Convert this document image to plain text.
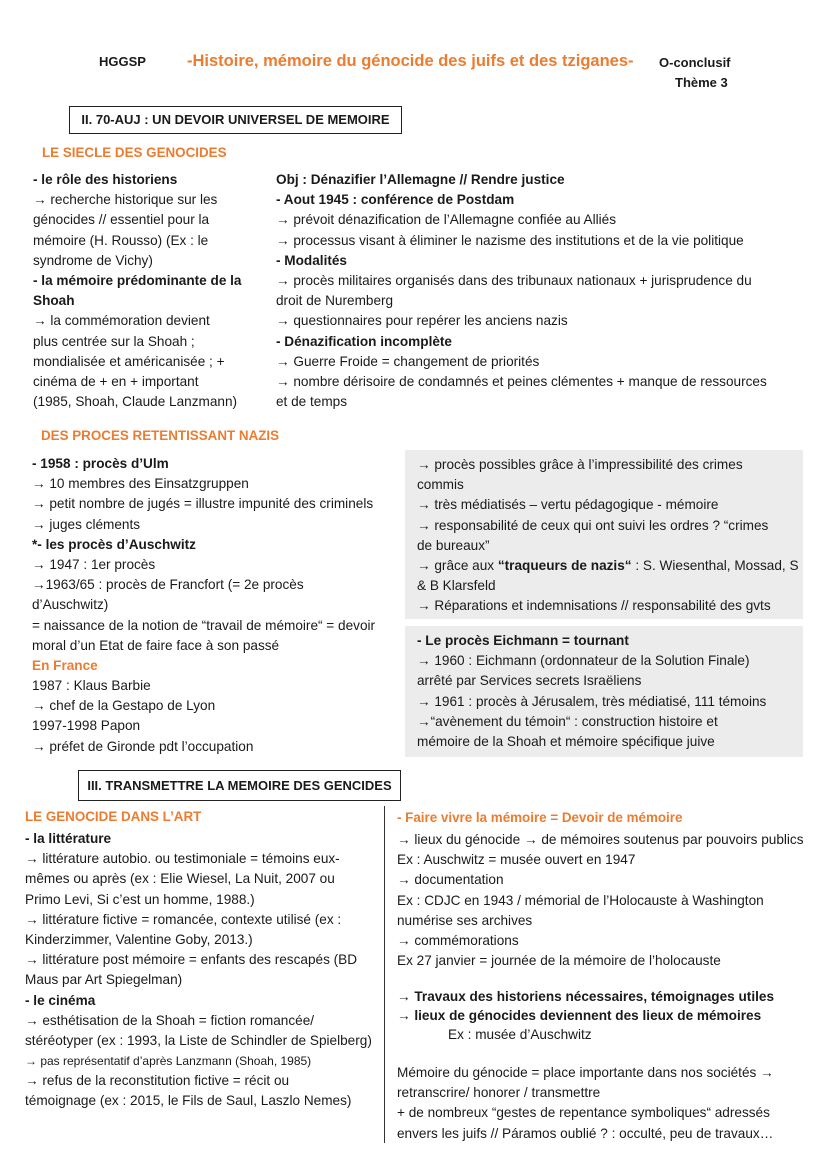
HGGSP -Histoire, mémoire du génocide des juifs et des tziganes- O-conclusif
Thème 3
II. 70-AUJ : UN DEVOIR UNIVERSEL DE MEMOIRE
LE SIECLE DES GENOCIDES
- le rôle des historiens
→ recherche historique sur les
génocides // essentiel pour la
mémoire (H. Rousso) (Ex : le
syndrome de Vichy)
- la mémoire prédominante de la
Shoah
→ la commémoration devient
plus centrée sur la Shoah ;
mondialisée et américanisée ; +
cinéma de + en + important
(1985, Shoah, Claude Lanzmann)
Obj : Dénazifier l’Allemagne // Rendre justice
- Aout 1945 : conférence de Postdam
→ prévoit dénazification de l’Allemagne confiée au Alliés
→ processus visant à éliminer le nazisme des institutions et de la vie politique
- Modalités
→ procès militaires organisés dans des tribunaux nationaux + jurisprudence du
droit de Nuremberg
→ questionnaires pour repérer les anciens nazis
- Dénazification incomplète
→ Guerre Froide = changement de priorités
→ nombre dérisoire de condamnés et peines clémentes + manque de ressources
et de temps
DES PROCES RETENTISSANT NAZIS
- 1958 : procès d’Ulm
→ 10 membres des Einsatzgruppen
→ petit nombre de jugés = illustre impunité des criminels
→ juges cléments
*- les procès d’Auschwitz
→ 1947 : 1er procès
→1963/65 : procès de Francfort (= 2e procès
d’Auschwitz)
= naissance de la notion de “travail de mémoire“ = devoir
moral d’un Etat de faire face à son passé
En France
1987 : Klaus Barbie
→ chef de la Gestapo de Lyon
1997-1998 Papon
→ préfet de Gironde pdt l’occupation
→ procès possibles grâce à l’impressibilité des crimes
commis
→ très médiatisés – vertu pédagogique - mémoire
→ responsabilité de ceux qui ont suivi les ordres ? “crimes
de bureaux”
→ grâce aux “traqueurs de nazis“ : S. Wiesenthal, Mossad, S
& B Klarsfeld
→ Réparations et indemnisations // responsabilité des gvts
- Le procès Eichmann = tournant
→ 1960 : Eichmann (ordonnateur de la Solution Finale)
arrêté par Services secrets Israëliens
→ 1961 : procès à Jérusalem, très médiatisé, 111 témoins
→“avènement du témoin“ : construction histoire et
mémoire de la Shoah et mémoire spécifique juive
III. TRANSMETTRE LA MEMOIRE DES GENCIDES
LE GENOCIDE DANS L’ART
- la littérature
→ littérature autobio. ou testimoniale = témoins eux-
mêmes ou après (ex : Elie Wiesel, La Nuit, 2007 ou
Primo Levi, Si c’est un homme, 1988.)
→ littérature fictive = romancée, contexte utilisé (ex :
Kinderzimmer, Valentine Goby, 2013.)
→ littérature post mémoire = enfants des rescapés (BD
Maus par Art Spiegelman)
- le cinéma
→ esthétisation de la Shoah = fiction romancée/
stéréotyper (ex : 1993, la Liste de Schindler de Spielberg)
→ pas représentatif d’après Lanzmann (Shoah, 1985)
→ refus de la reconstitution fictive = récit ou
témoignage (ex : 2015, le Fils de Saul, Laszlo Nemes)
- Faire vivre la mémoire = Devoir de mémoire
→ lieux du génocide → de mémoires soutenus par pouvoirs publics
Ex : Auschwitz = musée ouvert en 1947
→ documentation
Ex : CDJC en 1943 / mémorial de l’Holocauste à Washington
numérise ses archives
→ commémorations
Ex 27 janvier = journée de la mémoire de l’holocauste
→ Travaux des historiens nécessaires, témoignages utiles
→ lieux de génocides deviennent des lieux de mémoires
Ex : musée d’Auschwitz
Mémoire du génocide = place importante dans nos sociétés →
retranscrire/ honorer / transmettre
+ de nombreux “gestes de repentance symboliques“ adressés
envers les juifs // Páramos oublié ? : occulté, peu de travaux…
